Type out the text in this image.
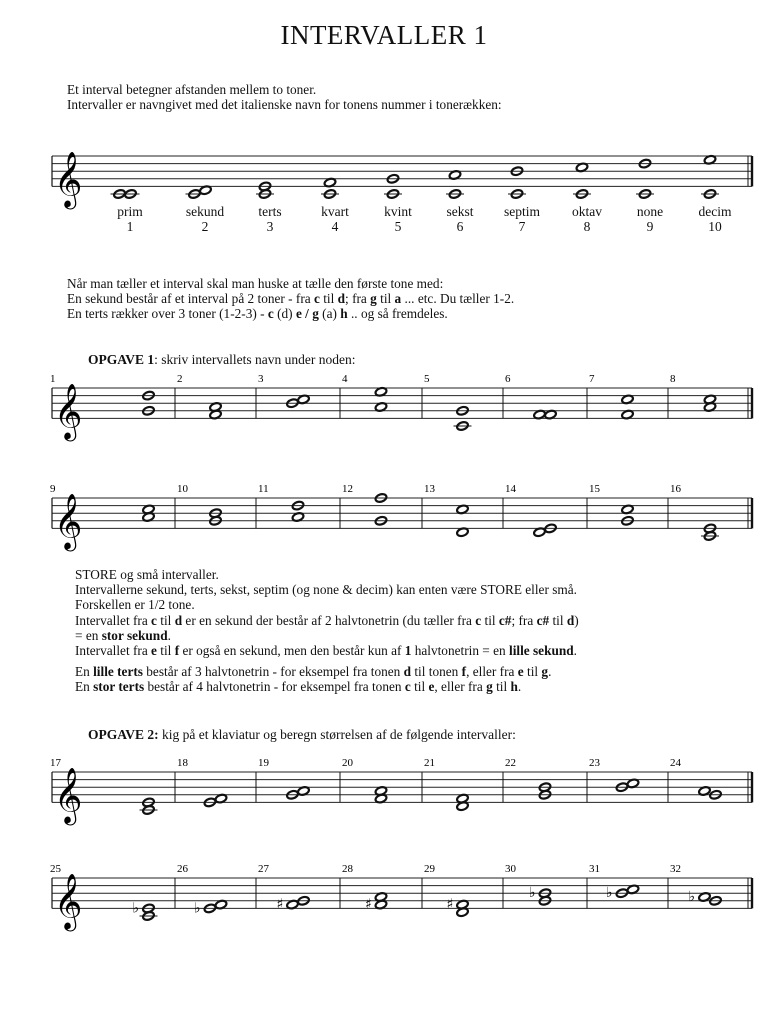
INTERVALLER 1
Et interval betegner afstanden mellem to toner.
Intervaller er navngivet med det italienske navn for tonens nummer i tonerækken:
𝄞
prim
1
sekund
2
terts
3
kvart
4
kvint
5
sekst
6
septim
7
oktav
8
none
9
decim
10
Når man tæller et interval skal man huske at tælle den første tone med:
En sekund består af et interval på 2 toner - fra c til d; fra g til a ... etc. Du tæller 1-2.
En terts rækker over 3 toner (1-2-3) - c (d) e / g (a) h .. og så fremdeles.
OPGAVE 1: skriv intervallets navn under noden:
𝄞
1	2	3	4	5	6	7	8
𝄞
9	10	11	12	13	14	15	16
STORE og små intervaller.
Intervallerne sekund, terts, sekst, septim (og none & decim) kan enten være STORE eller små.
Forskellen er 1/2 tone.
Intervallet fra c til d er en sekund der består af 2 halvtonetrin (du tæller fra c til c#; fra c# til d)
= en stor sekund.
Intervallet fra e til f er også en sekund, men den består kun af 1 halvtonetrin = en lille sekund.
En lille terts består af 3 halvtonetrin - for eksempel fra tonen d til tonen f, eller fra e til g.
En stor terts består af 4 halvtonetrin - for eksempel fra tonen c til e, eller fra g til h.
OPGAVE 2: kig på et klaviatur og beregn størrelsen af de følgende intervaller:
𝄞
17	18	19	20	21	22	23	24
𝄞
25
♭
26
♭
27
♯
28
♯
29
♯
30
♭
31
♭
32
♭
